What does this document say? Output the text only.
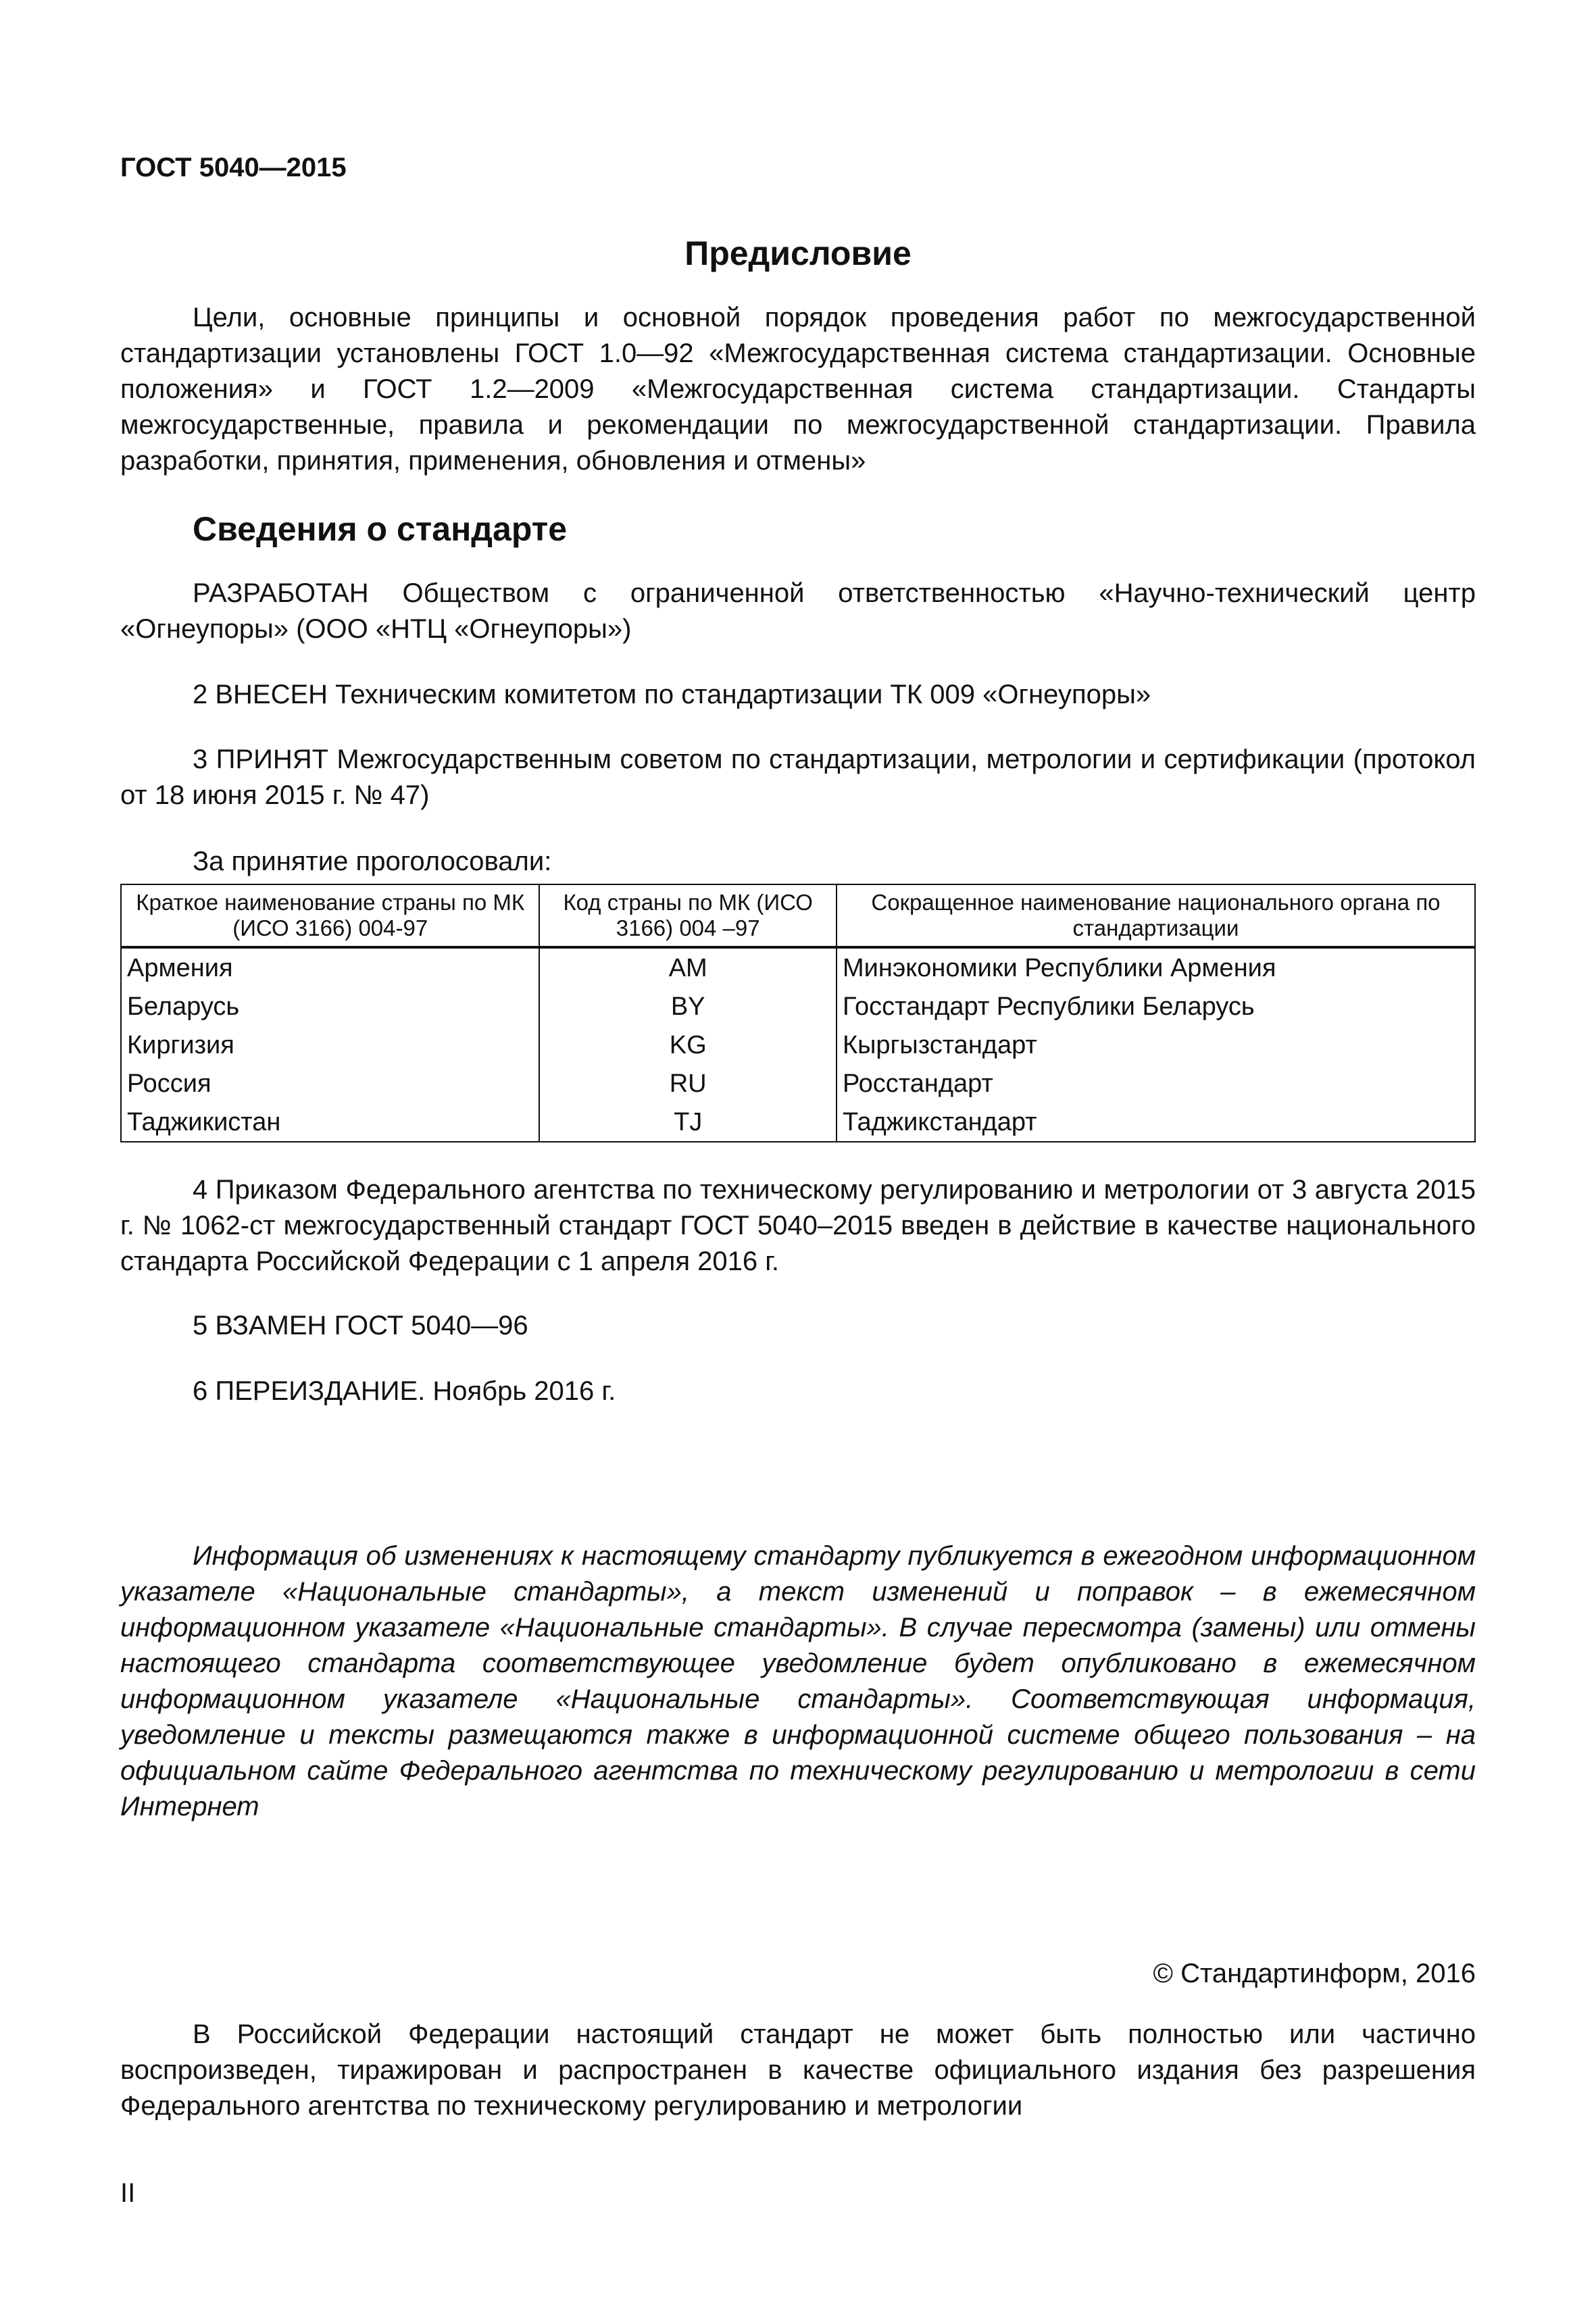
ГОСТ 5040—2015
Предисловие
Цели, основные принципы и основной порядок проведения работ по межгосударственной стандартизации установлены ГОСТ 1.0—92 «Межгосударственная система стандартизации. Основные положения» и ГОСТ 1.2—2009 «Межгосударственная система стандартизации. Стандарты межгосударственные, правила и рекомендации по межгосударственной стандартизации. Правила разработки, принятия, применения, обновления и отмены»
Сведения о стандарте
РАЗРАБОТАН Обществом с ограниченной ответственностью «Научно-технический центр «Огнеупоры» (ООО «НТЦ «Огнеупоры»)
2 ВНЕСЕН Техническим комитетом по стандартизации ТК 009 «Огнеупоры»
3 ПРИНЯТ Межгосударственным советом по стандартизации, метрологии и сертификации (протокол от 18 июня 2015 г. № 47)
За принятие проголосовали:
Краткое наименование страны по МК (ИСО 3166) 004-97	Код страны по МК (ИСО 3166) 004 –97	Сокращенное наименование национального органа по стандартизации
Армения	AM	Минэкономики Республики Армения
Беларусь	BY	Госстандарт Республики Беларусь
Киргизия	KG	Кыргызстандарт
Россия	RU	Росстандарт
Таджикистан	TJ	Таджикстандарт
4 Приказом Федерального агентства по техническому регулированию и метрологии от 3 августа 2015 г. № 1062-ст межгосударственный стандарт ГОСТ 5040–2015 введен в действие в качестве национального стандарта Российской Федерации с 1 апреля 2016 г.
5 ВЗАМЕН ГОСТ 5040—96
6 ПЕРЕИЗДАНИЕ. Ноябрь 2016 г.
Информация об изменениях к настоящему стандарту публикуется в ежегодном информационном указателе «Национальные стандарты», а текст изменений и поправок – в ежемесячном информационном указателе «Национальные стандарты». В случае пересмотра (замены) или отмены настоящего стандарта соответствующее уведомление будет опубликовано в ежемесячном информационном указателе «Национальные стандарты». Соответствующая информация, уведомление и тексты размещаются также в информационной системе общего пользования – на официальном сайте Федерального агентства по техническому регулированию и метрологии в сети Интернет
© Стандартинформ, 2016
В Российской Федерации настоящий стандарт не может быть полностью или частично воспроизведен, тиражирован и распространен в качестве официального издания без разрешения Федерального агентства по техническому регулированию и метрологии
II
